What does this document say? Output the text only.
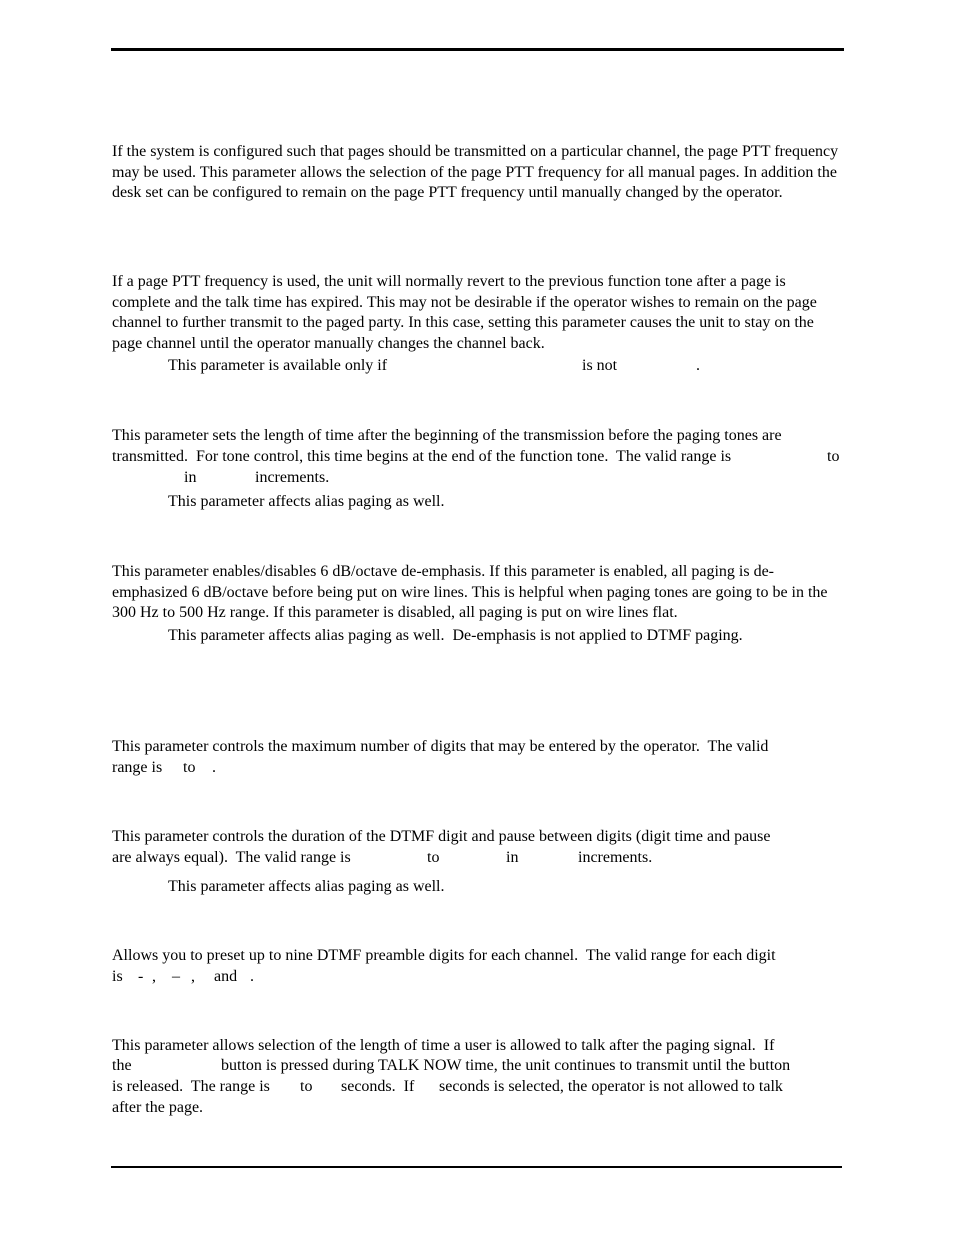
If the system is configured such that pages should be transmitted on a particular channel, the page PTT frequency may be used. This parameter allows the selection of the page PTT frequency for all manual pages. In addition the desk set can be configured to remain on the page PTT frequency until manually changed by the operator.

If a page PTT frequency is used, the unit will normally revert to the previous function tone after a page is complete and the talk time has expired. This may not be desirable if the operator wishes to remain on the page channel to further transmit to the paged party. In this case, setting this parameter causes the unit to stay on the page channel until the operator manually changes the channel back.

This parameter is available only if	is not	.
This parameter sets the length of time after the beginning of the transmission before the paging tones are
transmitted.  For tone control, this time begins at the end of the function tone.  The valid range is	to
in	increments.
This parameter affects alias paging as well.

This parameter enables/disables 6 dB/octave de-emphasis. If this parameter is enabled, all paging is de-emphasized 6 dB/octave before being put on wire lines. This is helpful when paging tones are going to be in the 300 Hz to 500 Hz range. If this parameter is disabled, all paging is put on wire lines flat.

This parameter affects alias paging as well.  De-emphasis is not applied to DTMF paging.
This parameter controls the maximum number of digits that may be entered by the operator.  The valid
range is to .
This parameter controls the duration of the DTMF digit and pause between digits (digit time and pause
are always equal).  The valid range is	to	in	increments.
This parameter affects alias paging as well.
Allows you to preset up to nine DTMF preamble digits for each channel.  The valid range for each digit
is - , – , and .
This parameter allows selection of the length of time a user is allowed to talk after the paging signal.  If
the	button is pressed during TALK NOW time, the unit continues to transmit until the button
is released.  The range is to seconds.  If seconds is selected, the operator is not allowed to talk
after the page.
